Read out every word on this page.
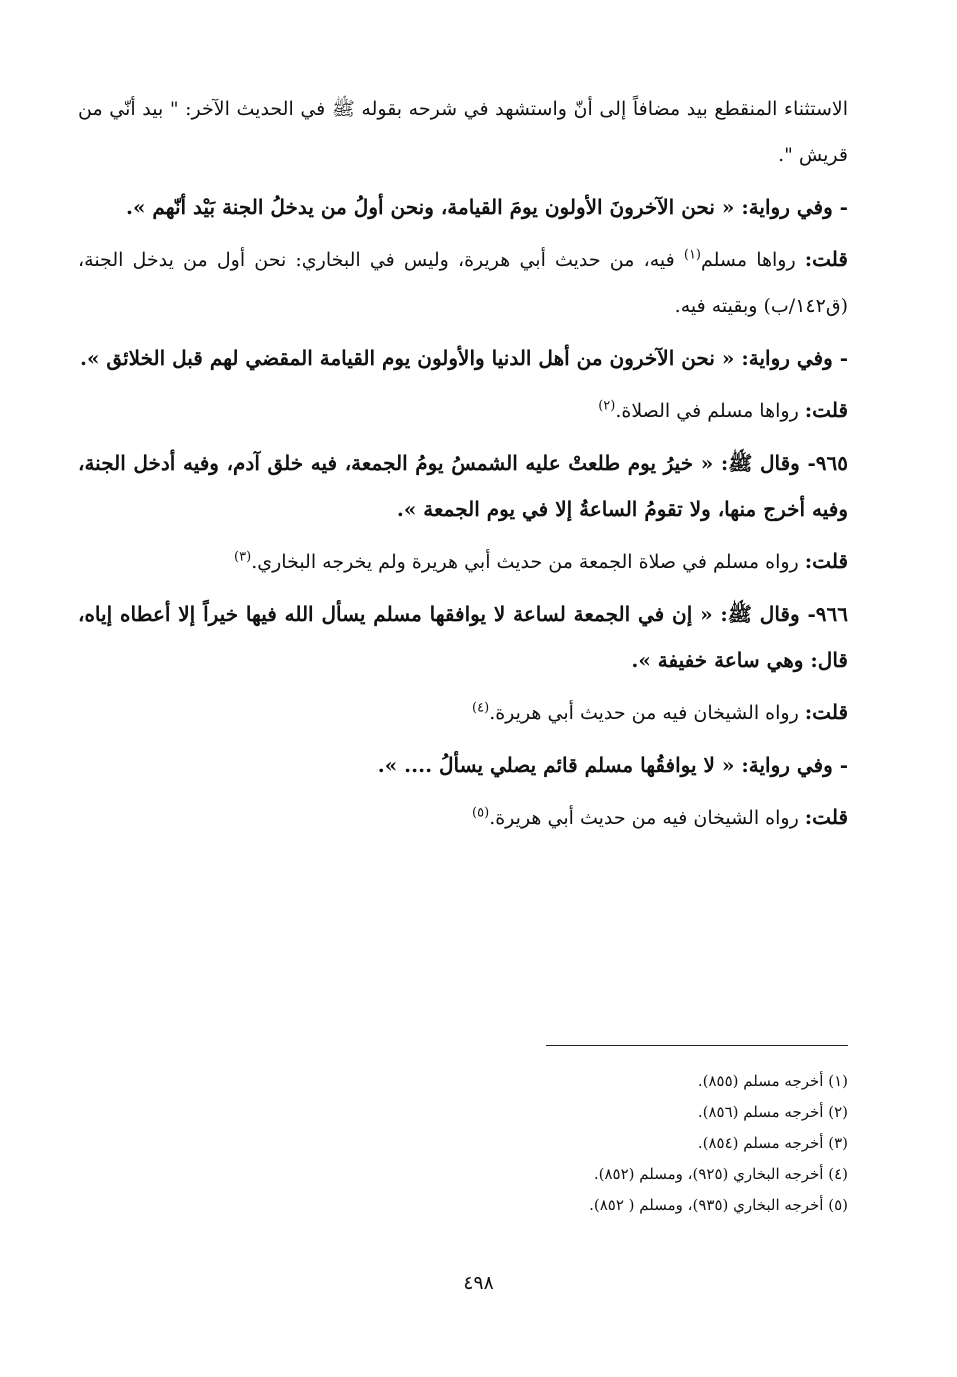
الاستثناء المنقطع بيد مضافاً إلى أنّ واستشهد في شرحه بقوله ﷺ في الحديث الآخر: " بيد أنّي من قريش ".

- وفي رواية: « نحن الآخرونَ الأولون يومَ القيامة، ونحن أولُ من يدخلُ الجنة بَيْد أنّهم ».

قلت: رواها مسلم$^{(١)}$ فيه، من حديث أبي هريرة، وليس في البخاري: نحن أول من يدخل الجنة، (ق١٤٢/ب) وبقيته فيه.

- وفي رواية: « نحن الآخرون من أهل الدنيا والأولون يوم القيامة المقضي لهم قبل الخلائق ».

قلت: رواها مسلم في الصلاة.$^{(٢)}$

٩٦٥- وقال ﷺ: « خيرُ يوم طلعتْ عليه الشمسُ يومُ الجمعة، فيه خلق آدم، وفيه أدخل الجنة، وفيه أخرج منها، ولا تقومُ الساعةُ إلا في يوم الجمعة ».

قلت: رواه مسلم في صلاة الجمعة من حديث أبي هريرة ولم يخرجه البخاري.$^{(٣)}$

٩٦٦- وقال ﷺ: « إن في الجمعة لساعة لا يوافقها مسلم يسأل الله فيها خيراً إلا أعطاه إياه، قال: وهي ساعة خفيفة ».

قلت: رواه الشيخان فيه من حديث أبي هريرة.$^{(٤)}$

- وفي رواية: « لا يوافقُها مسلم قائم يصلي يسألُ .... ».

قلت: رواه الشيخان فيه من حديث أبي هريرة.$^{(٥)}$

(١) أخرجه مسلم (٨٥٥).

(٢) أخرجه مسلم (٨٥٦).

(٣) أخرجه مسلم (٨٥٤).

(٤) أخرجه البخاري (٩٢٥)، ومسلم (٨٥٢).

(٥) أخرجه البخاري (٩٣٥)، ومسلم ( ٨٥٢).

٤٩٨
